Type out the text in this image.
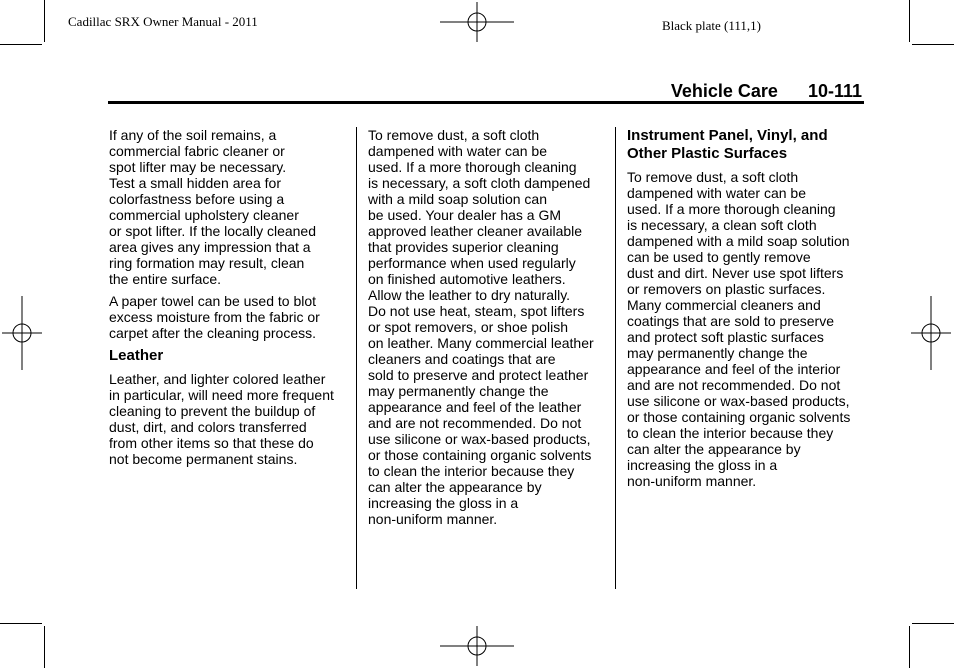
Cadillac SRX Owner Manual - 2011	Black plate (111,1)
Vehicle Care 10-111

If any of the soil remains, a
commercial fabric cleaner or
spot lifter may be necessary.
Test a small hidden area for
colorfastness before using a
commercial upholstery cleaner
or spot lifter. If the locally cleaned
area gives any impression that a
ring formation may result, clean
the entire surface.

A paper towel can be used to blot
excess moisture from the fabric or
carpet after the cleaning process.

Leather

Leather, and lighter colored leather
in particular, will need more frequent
cleaning to prevent the buildup of
dust, dirt, and colors transferred
from other items so that these do
not become permanent stains.

To remove dust, a soft cloth
dampened with water can be
used. If a more thorough cleaning
is necessary, a soft cloth dampened
with a mild soap solution can
be used. Your dealer has a GM
approved leather cleaner available
that provides superior cleaning
performance when used regularly
on finished automotive leathers.
Allow the leather to dry naturally.
Do not use heat, steam, spot lifters
or spot removers, or shoe polish
on leather. Many commercial leather
cleaners and coatings that are
sold to preserve and protect leather
may permanently change the
appearance and feel of the leather
and are not recommended. Do not
use silicone or wax-based products,
or those containing organic solvents
to clean the interior because they
can alter the appearance by
increasing the gloss in a
non-uniform manner.

Instrument Panel, Vinyl, and
Other Plastic Surfaces

To remove dust, a soft cloth
dampened with water can be
used. If a more thorough cleaning
is necessary, a clean soft cloth
dampened with a mild soap solution
can be used to gently remove
dust and dirt. Never use spot lifters
or removers on plastic surfaces.
Many commercial cleaners and
coatings that are sold to preserve
and protect soft plastic surfaces
may permanently change the
appearance and feel of the interior
and are not recommended. Do not
use silicone or wax-based products,
or those containing organic solvents
to clean the interior because they
can alter the appearance by
increasing the gloss in a
non-uniform manner.
